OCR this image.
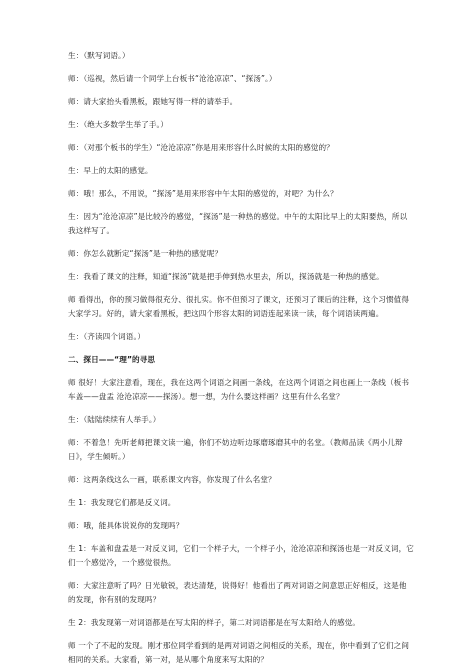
生：（默写词语。）

师：（巡视，然后请一个同学上台板书“沧沧凉凉”、“探汤”。）

师：请大家抬头看黑板，跟她写得一样的请举手。

生：（绝大多数学生举了手。）

师：（对那个板书的学生）“沧沧凉凉”你是用来形容什么时候的太阳的感觉的？

生：早上的太阳的感觉。

师：哦！那么，不用说，“探汤”是用来形容中午太阳的感觉的，对吧？为什么？

生：因为“沧沧凉凉”是比较冷的感觉，“探汤”是一种热的感觉。中午的太阳比早上的太阳要热，所以我这样写了。

师：你怎么就断定“探汤”是一种热的感觉呢？

生：我看了课文的注释，知道“探汤”就是把手伸到热水里去，所以，探汤就是一种热的感觉。

师 看得出，你的预习做得很充分、很扎实。你不但预习了课文，还预习了课后的注释，这个习惯值得大家学习。好的，请大家看黑板，把这四个形容太阳的词语连起来读一读，每个词语读两遍。

生：（齐读四个词语。）

二、探日——“理”的寻思

师 很好！大家注意看，现在，我在这两个词语之间画一条线，在这两个词语之间也画上一条线（板书 车盖——盘盂 沧沧凉凉——探汤）。想一想，为什么要这样画？这里有什么名堂？

生：（陆陆续续有人举手。）

师：不着急！先听老师把课文读一遍，你们不妨边听边琢磨琢磨其中的名堂。（教师品读《两小儿辩日》，学生倾听。）

师：这两条线这么一画，联系课文内容，你发现了什么名堂？

生 1：我发现它们都是反义词。

师：哦，能具体说说你的发现吗？

生 1：车盖和盘盂是一对反义词，它们一个样子大，一个样子小，沧沧凉凉和探汤也是一对反义词，它们一个感觉冷，一个感觉很热。

师：大家注意听了吗？日光敏锐，表达清楚，说得好！他看出了两对词语之间意思正好相反，这是他的发现，你有别的发现吗？

生 2：我发现第一对词语都是在写太阳的样子，第二对词语都是在写太阳给人的感觉。

师 一个了不起的发现。刚才那位同学看到的是两对词语之间相反的关系，现在，你中看到了它们之间相同的关系。大家看，第一对，是从哪个角度来写太阳的？
